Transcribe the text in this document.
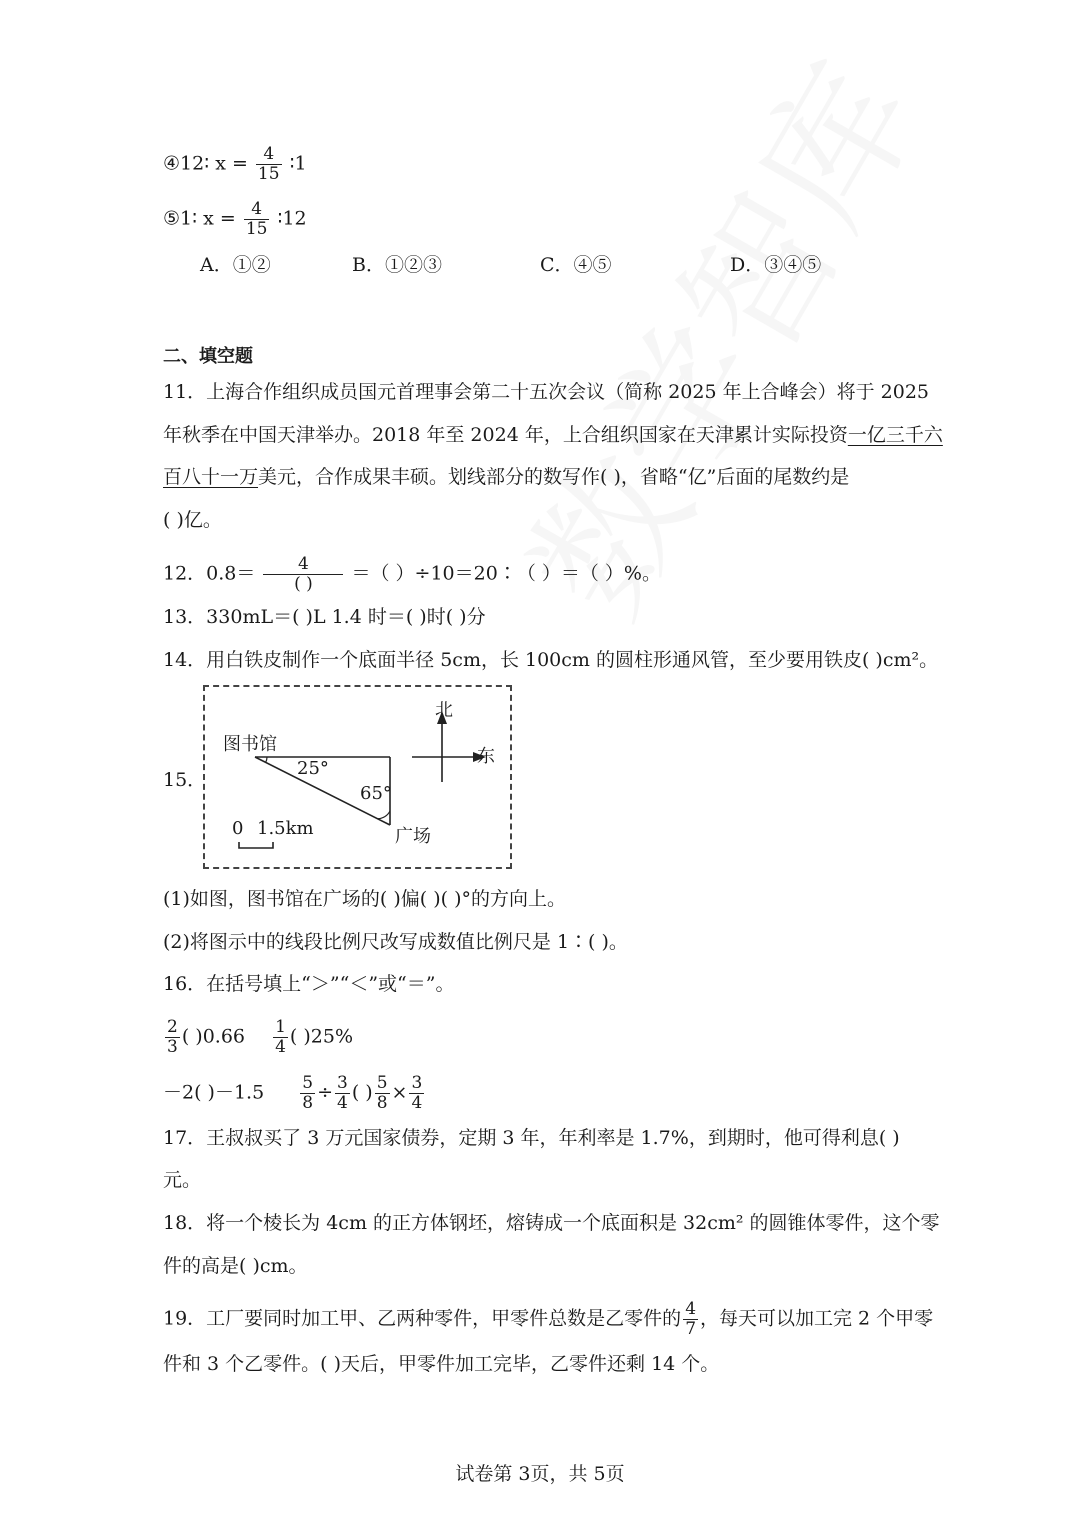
④12∶ $x = \frac{4}{15}$ ∶1
⑤1∶ $x = \frac{4}{15}$ ∶12
A．①②	B．①②③	C．④⑤	D．③④⑤
二、填空题
11．上海合作组织成员国元首理事会第二十五次会议（简称 2025 年上合峰会）将于 2025
年秋季在中国天津举办。2018 年至 2024 年，上合组织国家在天津累计实际投资一亿三千六
百八十一万美元，合作成果丰硕。划线部分的数写作( )，省略“亿”后面的尾数约是
( )亿。
12．$0.8= \frac{4}{( )}$ ＝（ ）÷10＝20∶（ ）＝（ ）%。
13．330mL＝( )L 1.4 时＝( )时( )分
14．用白铁皮制作一个底面半径 5cm，长 100cm 的圆柱形通风管，至少要用铁皮( )cm²。
15．
图书馆
25°
65°
广场
北
东
0 1.5km
(1)如图，图书馆在广场的( )偏( )( )°的方向上。
(2)将图示中的线段比例尺改写成数值比例尺是 1∶( )。
16．在括号填上“＞”“＜”或“＝”。
$\frac{2}{3}$ ( )$0.66 \frac{1}{4}$ ( )25%
－2( )$-1.5 \frac{5}{8} \div \frac{3}{4}$ ( ) $\frac{5}{8} \times \frac{3}{4}$
17．王叔叔买了 3 万元国家债券，定期 3 年，年利率是 1.7%，到期时，他可得利息( )
元。
18．将一个棱长为 4cm 的正方体钢坯，熔铸成一个底面积是 32cm² 的圆锥体零件，这个零
件的高是( )cm。
19．工厂要同时加工甲、乙两种零件，甲零件总数是乙零件的 $\frac{4}{7}$ ，每天可以加工完 2 个甲零
件和 3 个乙零件。( )天后，甲零件加工完毕，乙零件还剩 14 个。
试卷第 3页，共 5页
